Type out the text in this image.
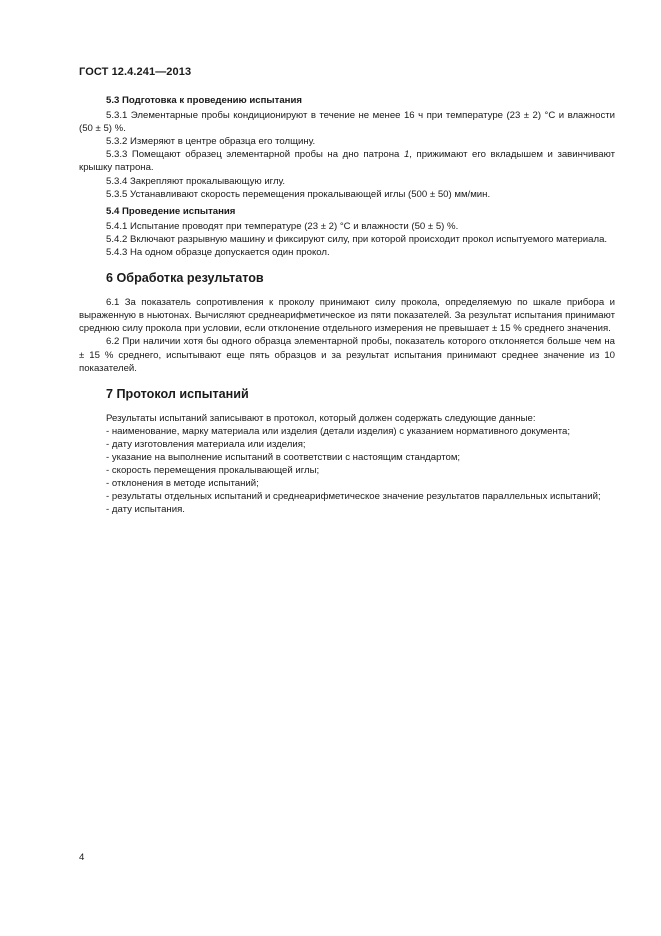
ГОСТ 12.4.241—2013

5.3 Подготовка к проведению испытания

5.3.1 Элементарные пробы кондиционируют в течение не менее 16 ч при температуре (23 ± 2) °С и влажности (50 ± 5) %.

5.3.2 Измеряют в центре образца его толщину.

5.3.3 Помещают образец элементарной пробы на дно патрона 1, прижимают его вкладышем и завинчивают крышку патрона.

5.3.4 Закрепляют прокалывающую иглу.

5.3.5 Устанавливают скорость перемещения прокалывающей иглы (500 ± 50) мм/мин.

5.4 Проведение испытания

5.4.1 Испытание проводят при температуре (23 ± 2) °С и влажности (50 ± 5) %.

5.4.2 Включают разрывную машину и фиксируют силу, при которой происходит прокол испытуемого материала.

5.4.3 На одном образце допускается один прокол.

6 Обработка результатов

6.1 За показатель сопротивления к проколу принимают силу прокола, определяемую по шкале прибора и выраженную в ньютонах. Вычисляют среднеарифметическое из пяти показателей. За результат испытания принимают среднюю силу прокола при условии, если отклонение отдельного измерения не превышает ± 15 % среднего значения.

6.2 При наличии хотя бы одного образца элементарной пробы, показатель которого отклоняется больше чем на ± 15 % среднего, испытывают еще пять образцов и за результат испытания принимают среднее значение из 10 показателей.

7 Протокол испытаний

Результаты испытаний записывают в протокол, который должен содержать следующие данные:

- наименование, марку материала или изделия (детали изделия) с указанием нормативного документа;

- дату изготовления материала или изделия;

- указание на выполнение испытаний в соответствии с настоящим стандартом;

- скорость перемещения прокалывающей иглы;

- отклонения в методе испытаний;

- результаты отдельных испытаний и среднеарифметическое значение результатов параллельных испытаний;

- дату испытания.

4
